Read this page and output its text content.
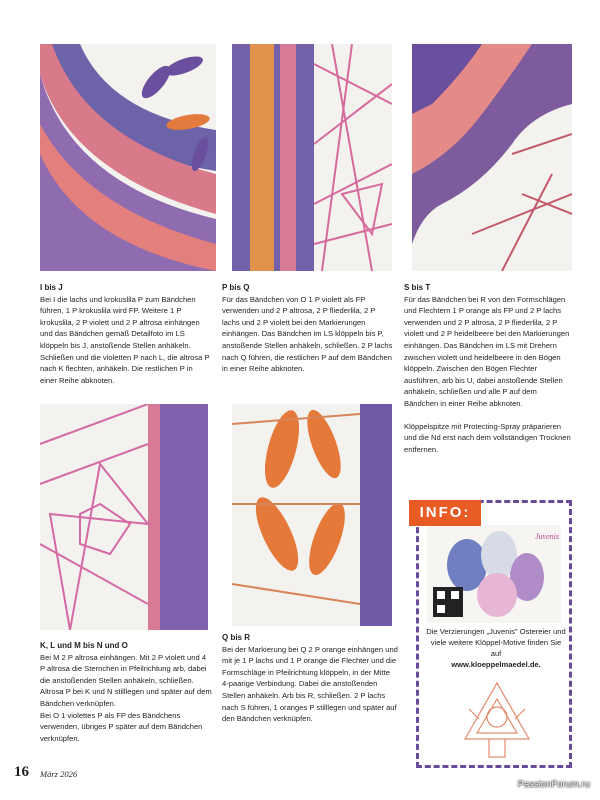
I bis J

Bei I die lachs und krokuslila P zum Bändchen führen, 1 P krokuslila wird FP. Weitere 1 P krokuslila, 2 P violett und 2 P altrosa einhängen und das Bändchen gemäß Detailfoto im LS klöppeln bis J, anstoßende Stellen anhäkeln. Schließen und die violetten P nach L, die altrosa P nach K flechten, anhäkeln. Die restlichen P in einer Reihe abknoten.

P bis Q

Für das Bändchen von O 1 P violett als FP verwenden und 2 P altrosa, 2 P fliederlila, 2 P lachs und 2 P violett bei den Markierungen einhängen. Das Bändchen im LS klöppeln bis P, anstoßende Stellen anhäkeln, schließen. 2 P lachs nach Q führen, die restlichen P auf dem Bändchen in einer Reihe abknoten.

S bis T

Für das Bändchen bei R von den Formschlägen und Flechtern 1 P orange als FP und 2 P lachs verwenden und 2 P altrosa, 2 P fliederlila, 2 P violett und 2 P heidelbeere bei den Markierungen einhängen. Das Bändchen im LS mit Drehern zwischen violett und heidelbeere in den Bögen klöppeln. Zwischen den Bögen Flechter ausführen, arb bis U, dabei anstoßende Stellen anhäkeln, schließen und alle P auf dem Bändchen in einer Reihe abknoten.

Klöppelspitze mit Protecting-Spray präparieren und die Nd erst nach dem vollständigen Trocknen entfernen.

K, L und M bis N und O

Bei M 2 P altrosa einhängen. Mit 2 P violett und 4 P altrosa die Sternchen in Pfeilrichtung arb, dabei die anstoßenden Stellen anhäkeln, schließen. Altrosa P bei K und N stilllegen und später auf dem Bändchen verknüpfen.

Bei O 1 violettes P als FP des Bändchens verwenden, übriges P später auf dem Bändchen verknüpfen.

Q bis R

Bei der Markierung bei Q 2 P orange einhängen und mit je 1 P lachs und 1 P orange die Flechter und die Formschläge in Pfeilrichtung klöppeln, in der Mitte 4-paarige Verbindung. Dabei die anstoßenden Stellen anhäkeln. Arb bis R, schließen. 2 P lachs nach S führen, 1 oranges P stilllegen und später auf den Bändchen verknüpfen.

Juvenis
INFO:
Die Verzierungen „Juvenis" Ostereier und viele weitere Klöppel-Motive finden Sie auf
www.kloeppelmaedel.de.
16 März 2026
PassionForum.ru
